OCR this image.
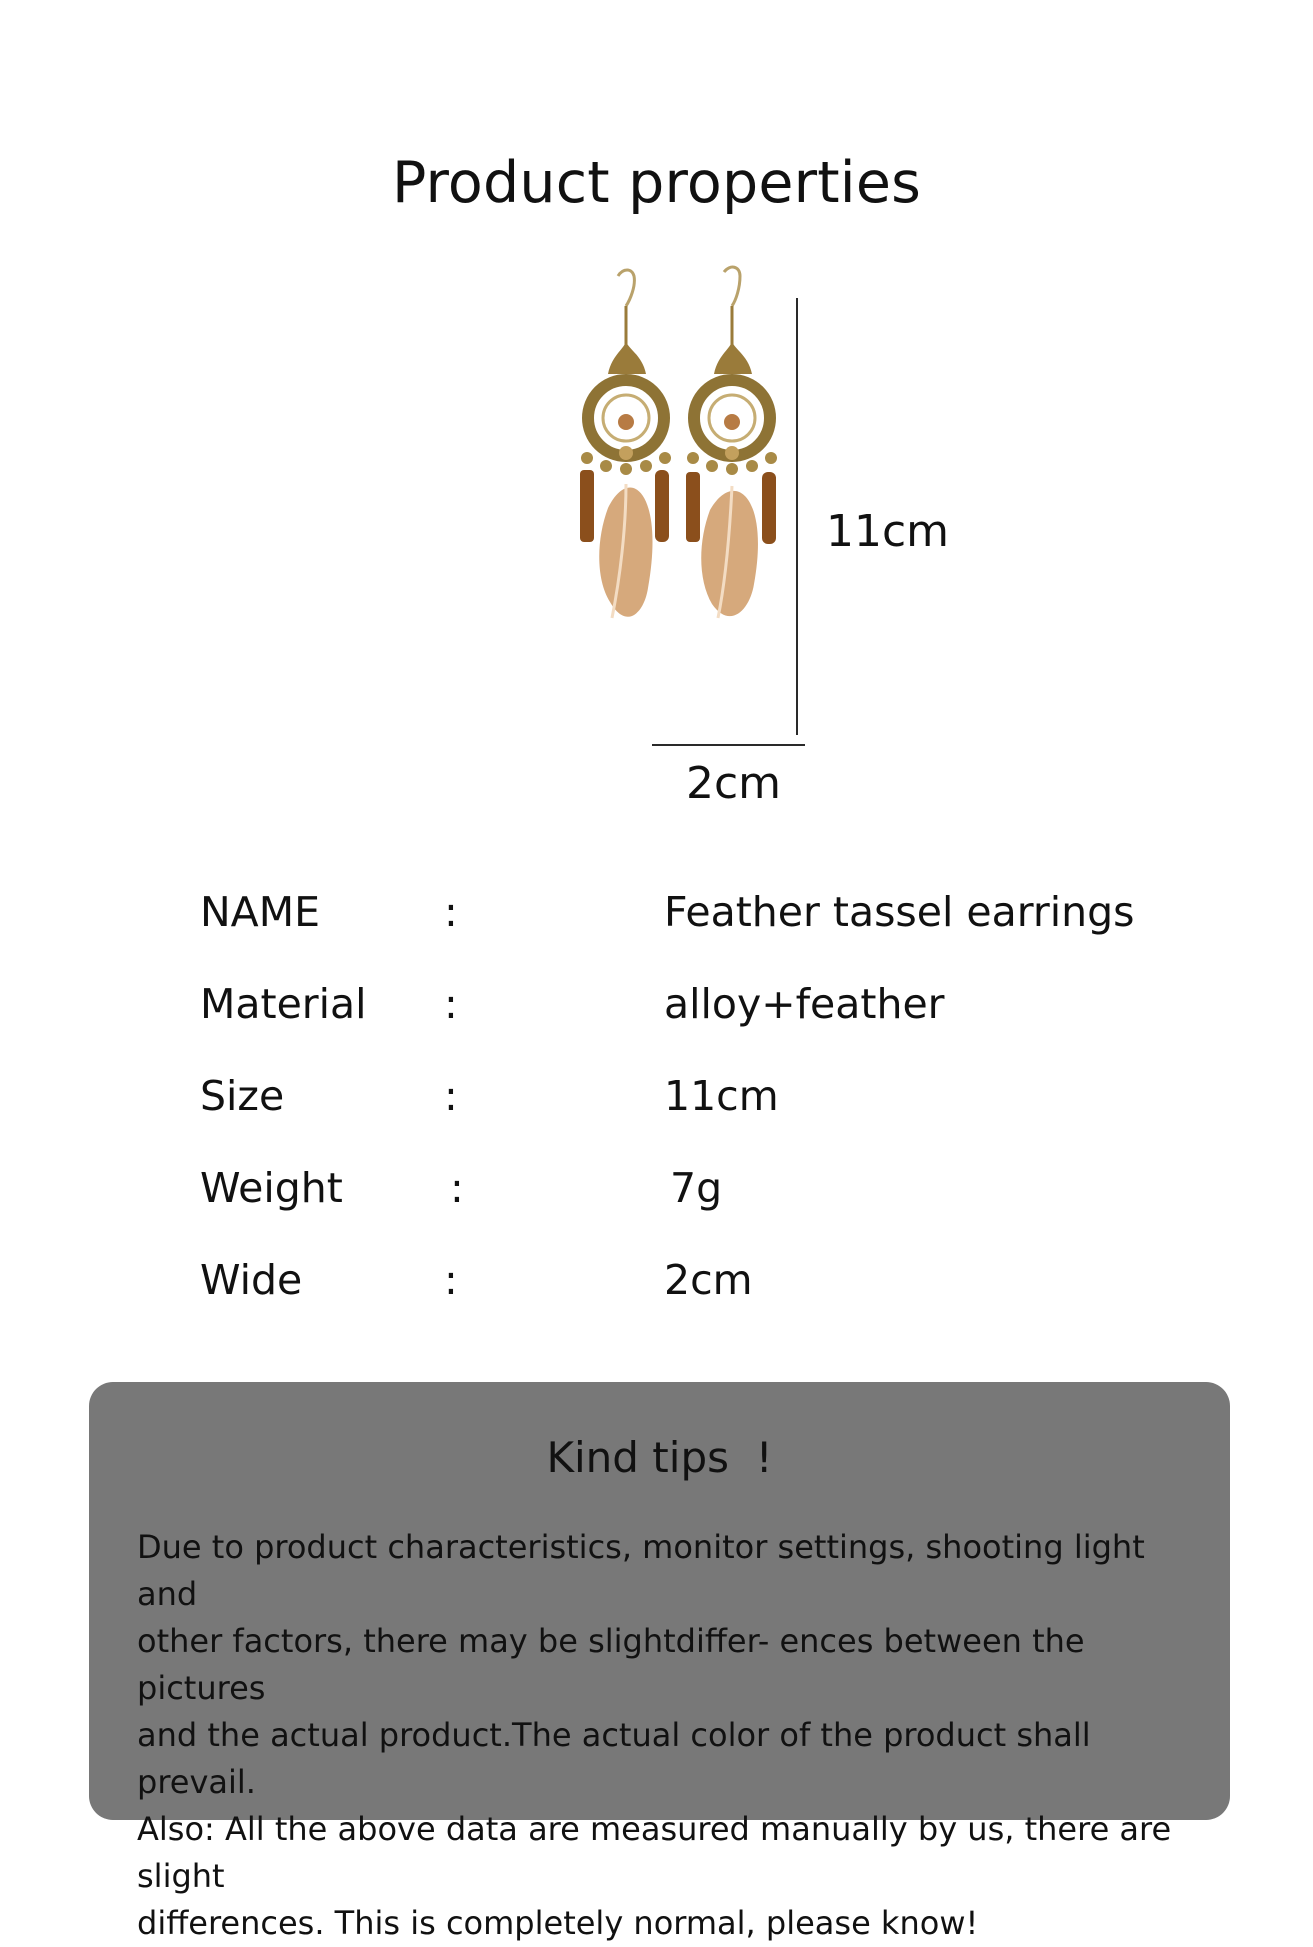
Product properties
11cm
2cm
NAME	:	Feather tassel earrings
Material :	alloy+feather
Size	:	11cm
Weight	:	7g
Wide	:	2cm
Kind tips  !
Due to product characteristics, monitor settings, shooting light and
other factors, there may be slightdiffer- ences between the pictures
and the actual product.The actual color of the product shall prevail.
Also: All the above data are measured manually by us, there are slight
differences. This is completely normal, please know!
